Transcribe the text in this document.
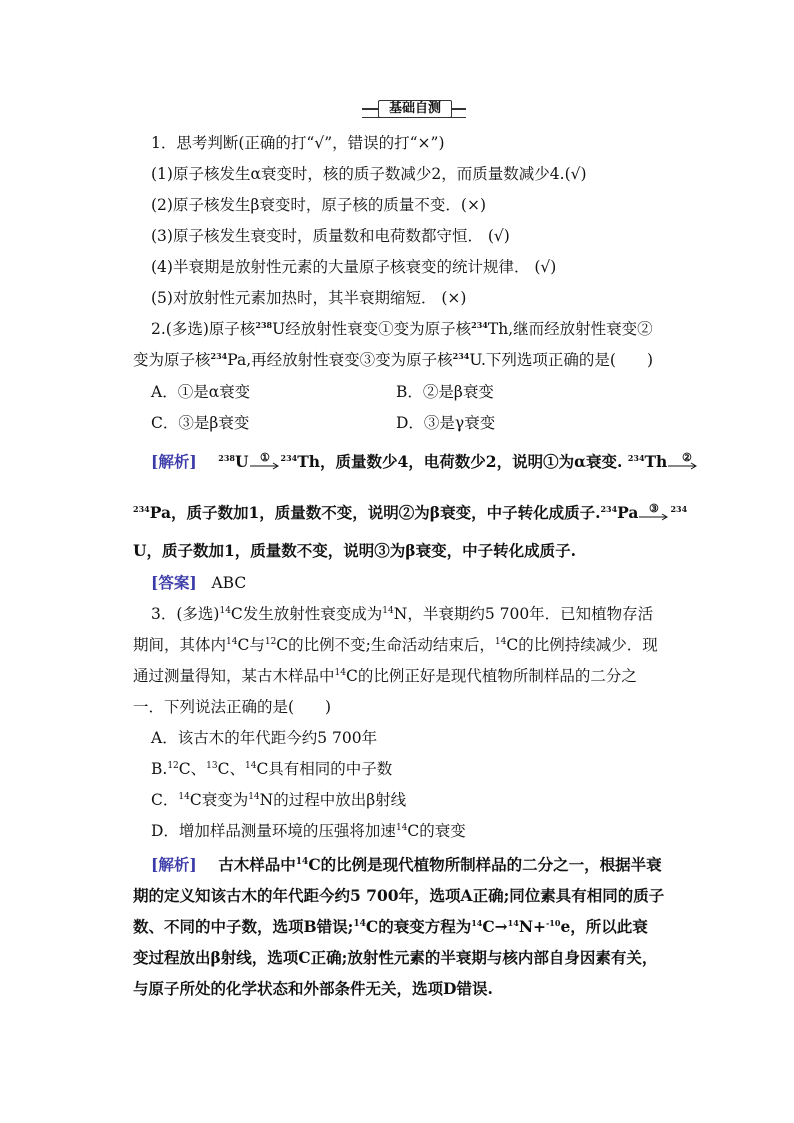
基础自测
1．思考判断(正确的打“√”，错误的打“×”)
(1)原子核发生α衰变时，核的质子数减少2，而质量数减少4.(√)
(2)原子核发生β衰变时，原子核的质量不变．(×)
(3)原子核发生衰变时，质量数和电荷数都守恒． (√)
(4)半衰期是放射性元素的大量原子核衰变的统计规律． (√)
(5)对放射性元素加热时，其半衰期缩短． (×)
2.(多选)原子核$^{238}$U经放射性衰变①变为原子核$^{234}$Th,继而经放射性衰变②
变为原子核$^{234}$Pa,再经放射性衰变③变为原子核$^{234}$U.下列选项正确的是(　　)
A．①是α衰变	B．②是β衰变
C．③是β衰变	D．③是γ衰变
[解析]	$^{238}$U ① $^{234}$Th，质量数少4，电荷数少2，说明①为α衰变. $^{234}$Th ②
$^{234}$Pa，质子数加1，质量数不变，说明②为β衰变，中子转化成质子.$^{234}$Pa ③ $^{234}$
U，质子数加1，质量数不变，说明③为β衰变，中子转化成质子.
[答案] ABC
3．(多选)$^{14}$C发生放射性衰变成为$^{14}$N，半衰期约5 700年．已知植物存活
期间，其体内$^{14}$C与$^{12}$C的比例不变;生命活动结束后，$^{14}$C的比例持续减少．现
通过测量得知，某古木样品中$^{14}$C的比例正好是现代植物所制样品的二分之
一．下列说法正确的是(　　)
A．该古木的年代距今约5 700年
B.$^{12}$C、$^{13}$C、$^{14}$C具有相同的中子数
C．$^{14}$C衰变为$^{14}$N的过程中放出β射线
D．增加样品测量环境的压强将加速$^{14}$C的衰变
[解析] 古木样品中$^{14}$C的比例是现代植物所制样品的二分之一，根据半衰
期的定义知该古木的年代距今约5 700年，选项A正确;同位素具有相同的质子
数、不同的中子数，选项B错误;$^{14}$C的衰变方程为$^{14}$C→$^{14}$N+$^{-10}$e，所以此衰
变过程放出β射线，选项C正确;放射性元素的半衰期与核内部自身因素有关，
与原子所处的化学状态和外部条件无关，选项D错误.
